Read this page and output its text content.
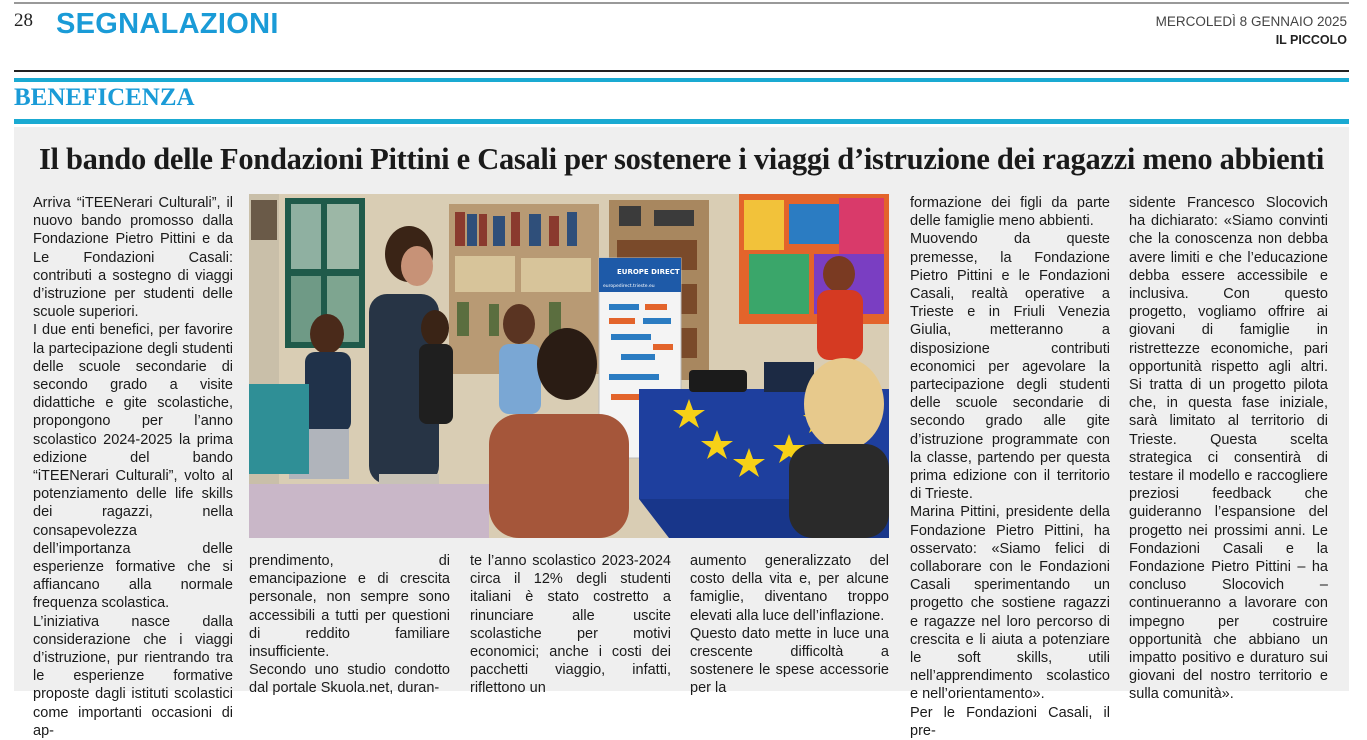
28 SEGNALAZIONI	MERCOLEDÌ 8 GENNAIO 2025
IL PICCOLO
BENEFICENZA
Il bando delle Fondazioni Pittini e Casali per sostenere i viaggi d’istruzione dei ragazzi meno abbienti

Arriva “iTEENerari Culturali”, il nuovo bando promosso dalla Fondazione Pietro Pittini e da Le Fondazioni Casali: contributi a sostegno di viaggi d’istruzione per studenti delle scuole superiori.
I due enti benefici, per favorire la partecipazione degli studenti delle scuole secondarie di secondo grado a visite didattiche e gite scolastiche, propongono per l’anno scolastico 2024-2025 la prima edizione del bando “iTEENerari Culturali”, volto al potenziamento delle life skills dei ragazzi, nella consapevolezza dell’importanza delle esperienze formative che si affiancano alla normale frequenza scolastica.
L’iniziativa nasce dalla considerazione che i viaggi d’istruzione, pur rientrando tra le esperienze formative proposte dagli istituti scolastici come importanti occasioni di ap-

EUROPE DIRECT
europedirect.trieste.eu

prendimento, di emancipazione e di crescita personale, non sempre sono accessibili a tutti per questioni di reddito familiare insufficiente.
Secondo uno studio condotto dal portale Skuola.net, duran-

te l’anno scolastico 2023-2024 circa il 12% degli studenti italiani è stato costretto a rinunciare alle uscite scolastiche per motivi economici; anche i costi dei pacchetti viaggio, infatti, riflettono un

aumento generalizzato del costo della vita e, per alcune famiglie, diventano troppo elevati alla luce dell’inflazione.
Questo dato mette in luce una crescente difficoltà a sostenere le spese accessorie per la

formazione dei figli da parte delle famiglie meno abbienti.
Muovendo da queste premesse, la Fondazione Pietro Pittini e le Fondazioni Casali, realtà operative a Trieste e in Friuli Venezia Giulia, metteranno a disposizione contributi economici per agevolare la partecipazione degli studenti delle scuole secondarie di secondo grado alle gite d’istruzione programmate con la classe, partendo per questa prima edizione con il territorio di Trieste.
Marina Pittini, presidente della Fondazione Pietro Pittini, ha osservato: «Siamo felici di collaborare con le Fondazioni Casali sperimentando un progetto che sostiene ragazzi e ragazze nel loro percorso di crescita e li aiuta a potenziare le soft skills, utili nell’apprendimento scolastico e nell’orientamento».
Per le Fondazioni Casali, il pre-

sidente Francesco Slocovich ha dichiarato: «Siamo convinti che la conoscenza non debba avere limiti e che l’educazione debba essere accessibile e inclusiva. Con questo progetto, vogliamo offrire ai giovani di famiglie in ristrettezze economiche, pari opportunità rispetto agli altri. Si tratta di un progetto pilota che, in questa fase iniziale, sarà limitato al territorio di Trieste. Questa scelta strategica ci consentirà di testare il modello e raccogliere preziosi feedback che guideranno l’espansione del progetto nei prossimi anni. Le Fondazioni Casali e la Fondazione Pietro Pittini – ha concluso Slocovich – continueranno a lavorare con impegno per costruire opportunità che abbiano un impatto positivo e duraturo sui giovani del nostro territorio e sulla comunità».
